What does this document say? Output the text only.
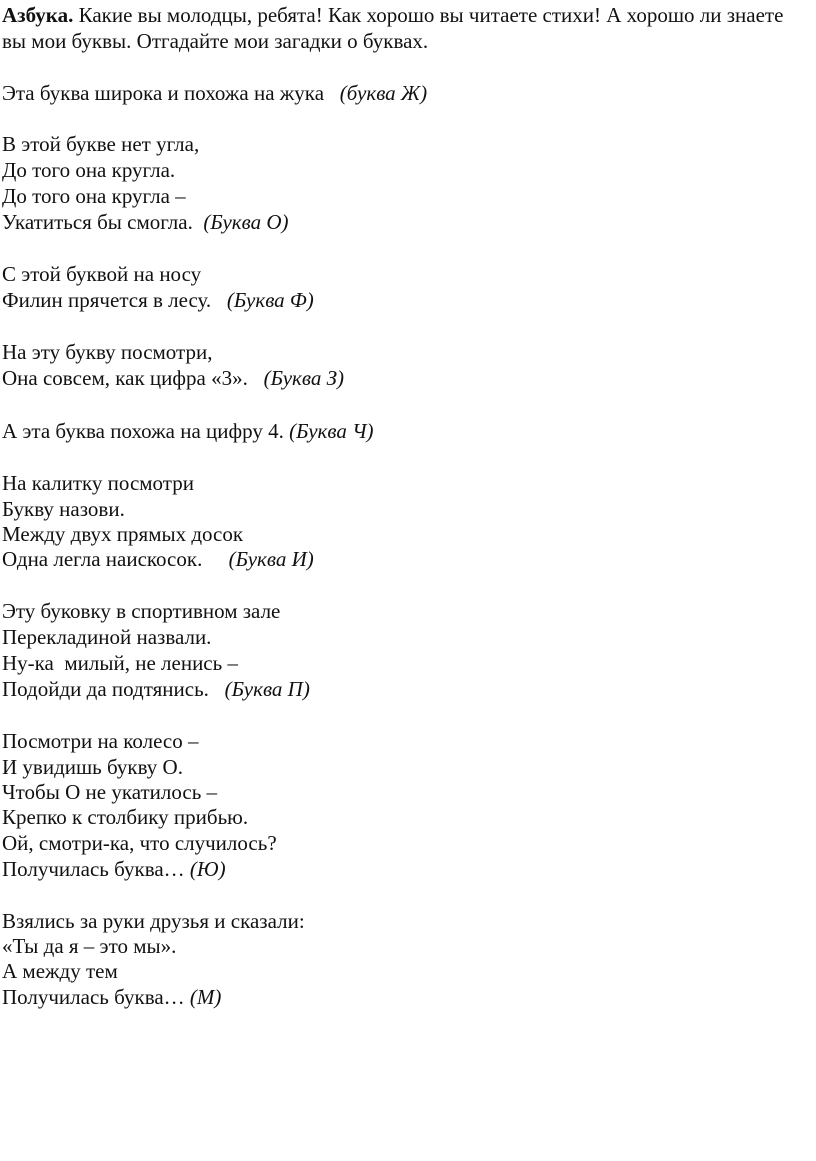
Азбука. Какие вы молодцы, ребята! Как хорошо вы читаете стихи! А хорошо ли знаете вы мои буквы. Отгадайте мои загадки о буквах.

Эта буква широка и похожа на жука   (буква Ж)
В этой букве нет угла,
До того она кругла.
До того она кругла –
Укатиться бы смогла.  (Буква О)
С этой буквой на носу
Филин прячется в лесу.   (Буква Ф)
На эту букву посмотри,
Она совсем, как цифра «3».   (Буква З)
А эта буква похожа на цифру 4. (Буква Ч)
На калитку посмотри
Букву назови.
Между двух прямых досок
Одна легла наискосок.     (Буква И)
Эту буковку в спортивном зале
Перекладиной назвали.
Ну-ка  милый, не ленись –
Подойди да подтянись.   (Буква П)
Посмотри на колесо –
И увидишь букву О.
Чтобы О не укатилось –
Крепко к столбику прибью.
Ой, смотри-ка, что случилось?
Получилась буква… (Ю)
Взялись за руки друзья и сказали:
«Ты да я – это мы».
А между тем
Получилась буква… (М)
